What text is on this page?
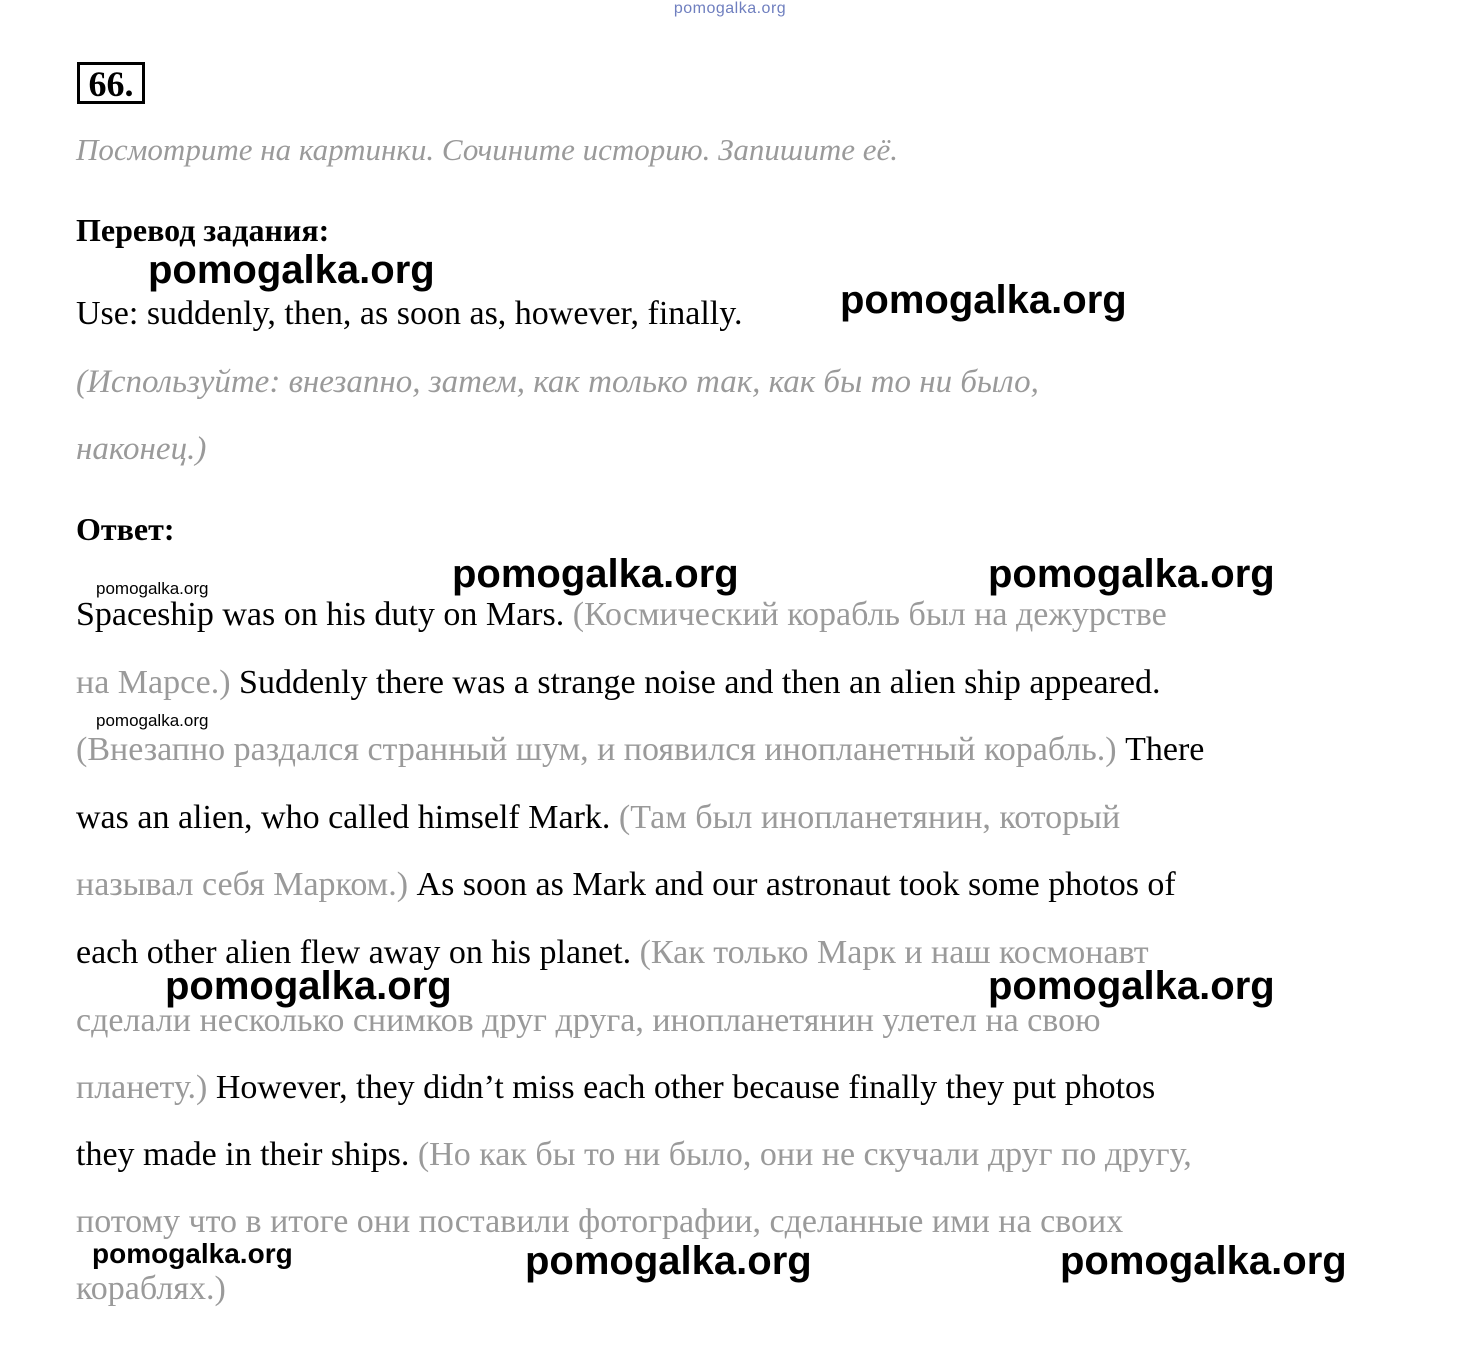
pomogalka.org
66.
Посмотрите на картинки. Сочините историю. Запишите её.
Перевод задания:
Use: suddenly, then, as soon as, however, finally.
(Используйте: внезапно, затем, как только так, как бы то ни было,
наконец.)
Ответ:
Spaceship was on his duty on Mars. (Космический корабль был на дежурстве
на Марсе.) Suddenly there was a strange noise and then an alien ship appeared.
(Внезапно раздался странный шум, и появился инопланетный корабль.) There
was an alien, who called himself Mark. (Там был инопланетянин, который
называл себя Марком.) As soon as Mark and our astronaut took some photos of
each other alien flew away on his planet. (Как только Марк и наш космонавт
сделали несколько снимков друг друга, инопланетянин улетел на свою
планету.) However, they didn’t miss each other because finally they put photos
they made in their ships. (Но как бы то ни было, они не скучали друг по другу,
потому что в итоге они поставили фотографии, сделанные ими на своих
кораблях.)
pomogalka.org
pomogalka.org
pomogalka.org	pomogalka.org
pomogalka.org
pomogalka.org
pomogalka.org	pomogalka.org
pomogalka.org	pomogalka.org	pomogalka.org
